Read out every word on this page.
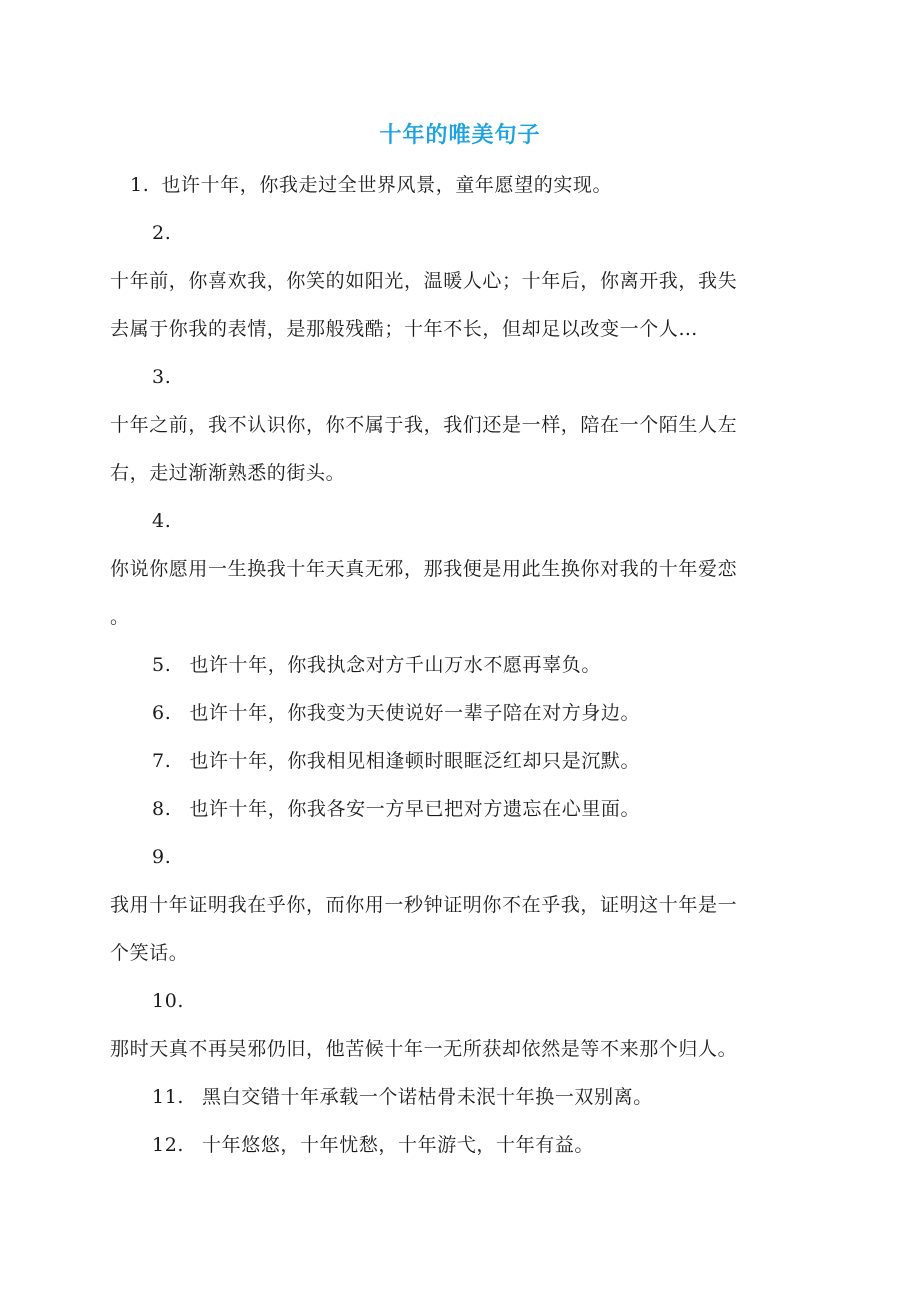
十年的唯美句子
1. 也许十年，你我走过全世界风景，童年愿望的实现。
2.
十年前，你喜欢我，你笑的如阳光，温暖人心；十年后，你离开我，我失
去属于你我的表情，是那般残酷；十年不长，但却足以改变一个人…
3.
十年之前，我不认识你，你不属于我，我们还是一样，陪在一个陌生人左
右，走过渐渐熟悉的街头。
4.
你说你愿用一生换我十年天真无邪，那我便是用此生换你对我的十年爱恋
。
5. 也许十年，你我执念对方千山万水不愿再辜负。
6. 也许十年，你我变为天使说好一辈子陪在对方身边。
7. 也许十年，你我相见相逢顿时眼眶泛红却只是沉默。
8. 也许十年，你我各安一方早已把对方遗忘在心里面。
9.
我用十年证明我在乎你，而你用一秒钟证明你不在乎我，证明这十年是一
个笑话。
10.
那时天真不再吴邪仍旧，他苦候十年一无所获却依然是等不来那个归人。
11. 黑白交错十年承载一个诺枯骨未泯十年换一双别离。
12. 十年悠悠，十年忧愁，十年游弋，十年有益。
